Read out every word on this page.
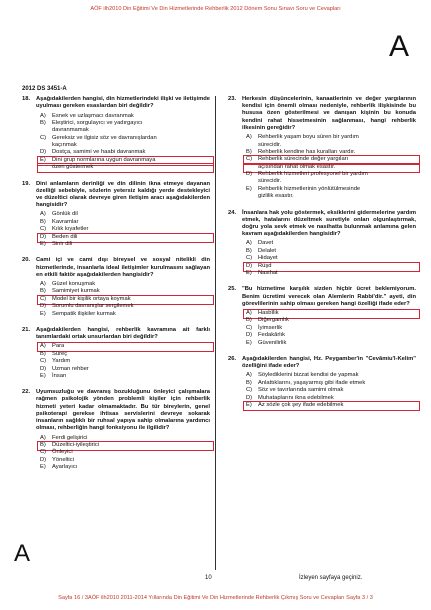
AÖF ilh2010 Din Eğitimi Ve Din Hizmetlerinde Rehberlik 2012 Dönem Sonu Sınavı Soru ve Cevapları
A
2012 DS 3451-A
18.	Aşağıdakilerden hangisi, din hizmetlerindeki ilişki ve iletişimde uyulması gereken esaslardan biri değildir?
A)	Esnek ve uzlaşmacı davranmak
B)	Eleştirici, sorgulayıcı ve yadırgayıcı
davranmamak
C)	Gereksiz ve ilgisiz söz ve davranışlardan
kaçınmak
D)	Dostça, samimi ve haabi davranmak
E)	Dini grup normlarına uygun davranmaya
özen göstermek
19.	Dini anlamların derinliği ve din dilinin ikna etmeye dayanan özelliği sebebiyle, sözlerin yetersiz kaldığı yerde destekleyici ve düzeltici olarak devreye giren iletişim aracı aşağıdakilerden hangisidir?
A)	Gönlük dil
B)	Kavramlar
C)	Kılık kıyafetler
D)	Beden dili
E)	Sinir dili
20.	Cami içi ve cami dışı bireysel ve sosyal nitelikli din hizmetlerinde, insanlarla ideal iletişimler kurulmasını sağlayan en etkili faktör aşağıdakilerden hangisidir?
A)	Güzel konuşmak
B)	Samimiyet kurmak
C)	Model bir kişilik ortaya koymak
D)	Sorumlu davranışlar sergilemek
E)	Sempatik ilişkiler kurmak
21.	Aşağıdakilerden hangisi, rehberlik kavramına ait farklı tanımlardaki ortak unsurlardan biri değildir?
A)	Para
B)	Süreç
C)	Yardım
D)	Uzman rehber
E)	İnsan
22.	Uyumsuzluğu ve davranış bozukluğunu önleyici çalışmalara rağmen psikolojik yönden problemli kişiler için rehberlik hizmeti yeteri kadar olmamaktadır. Bu tür bireylerin, genel psikoterapi gerekse ihtisas servislerini devreye sokarak insanların sağlıklı bir ruhsal yapıya sahip olmalarına yardımcı olması, rehberliğin hangi fonksiyonu ile ilgilidir?
A)	Ferdi gelişirici
B)	Düzeltici-iyileştirici
C)	Önleyici
D)	Yöneltici
E)	Ayarlayıcı
23.	Herkesin düşüncelerinin, kanaatlerinin ve değer yargılarının kendisi için önemli olması nedeniyle, rehberlik ilişkisinde bu hususa özen gösterilmesi ve danışan kişinin bu konuda kendini rahat hissetmesinin sağlanması, hangi rehberlik ilkesinin gereğidir?
A)	Rehberlik yaşam boyu süren bir yardım
sürecidir.
B)	Rehberlik kendine has kuralları vardır.
C)	Rehberlik sürecinde değer yargıları
açısından rahat olmak esastır.
D)	Rehberlik hizmetleri profesyonel bir yardım
sürecidir.
E)	Rehberlik hizmetlerinin yönlütülmesinde
gizlilik esastır.
24.	İnsanlara hak yolu göstermek, eksiklerini gidermelerine yardım etmek, hatalarını düzeltmek suretiyle onları olgunlaştırmak, doğru yola sevk etmek ve nasihatta bulunmak anlamına gelen kavram aşağıdakilerden hangisidir?
A)	Davet
B)	Delalet
C)	Hidayet
D)	Rüşd
E)	Nasihat
25.	"Bu hizmetime karşılık sizden hiçbir ücret beklemiyorum. Benim ücretimi verecek olan Alemlerin Rabbi'dir." ayeti, din görevlilerinin sahip olması gereken hangi özelliği ifade eder?
A)	Hasbîlik
B)	Diğergamlık
C)	İyimserlik
D)	Fedakârlık
E)	Güvenilirlik
26.	Aşağıdakilerden hangisi, Hz. Peygamber'in "Cevâmiu'l-Kelim" özelliğini ifade eder?
A)	Söylediklerini bizzat kendisi de yapmak
B)	Anlattıklarını, yaşayarmış gibi ifade etmek
C)	Söz ve tavırlarında samimi olmak
D)	Muhataplarını ikna edebilmek
E)	Az sözle çok şey ifade edebilmek
A
10	İzleyen sayfaya geçiniz.
Sayfa 16 / 3AÖF ilh2010 2011-2014 Yıllarında Din Eğitimi Ve Din Hizmetlerinde Rehberlik Çıkmış Soru ve Cevapları Sayfa 3 / 3
